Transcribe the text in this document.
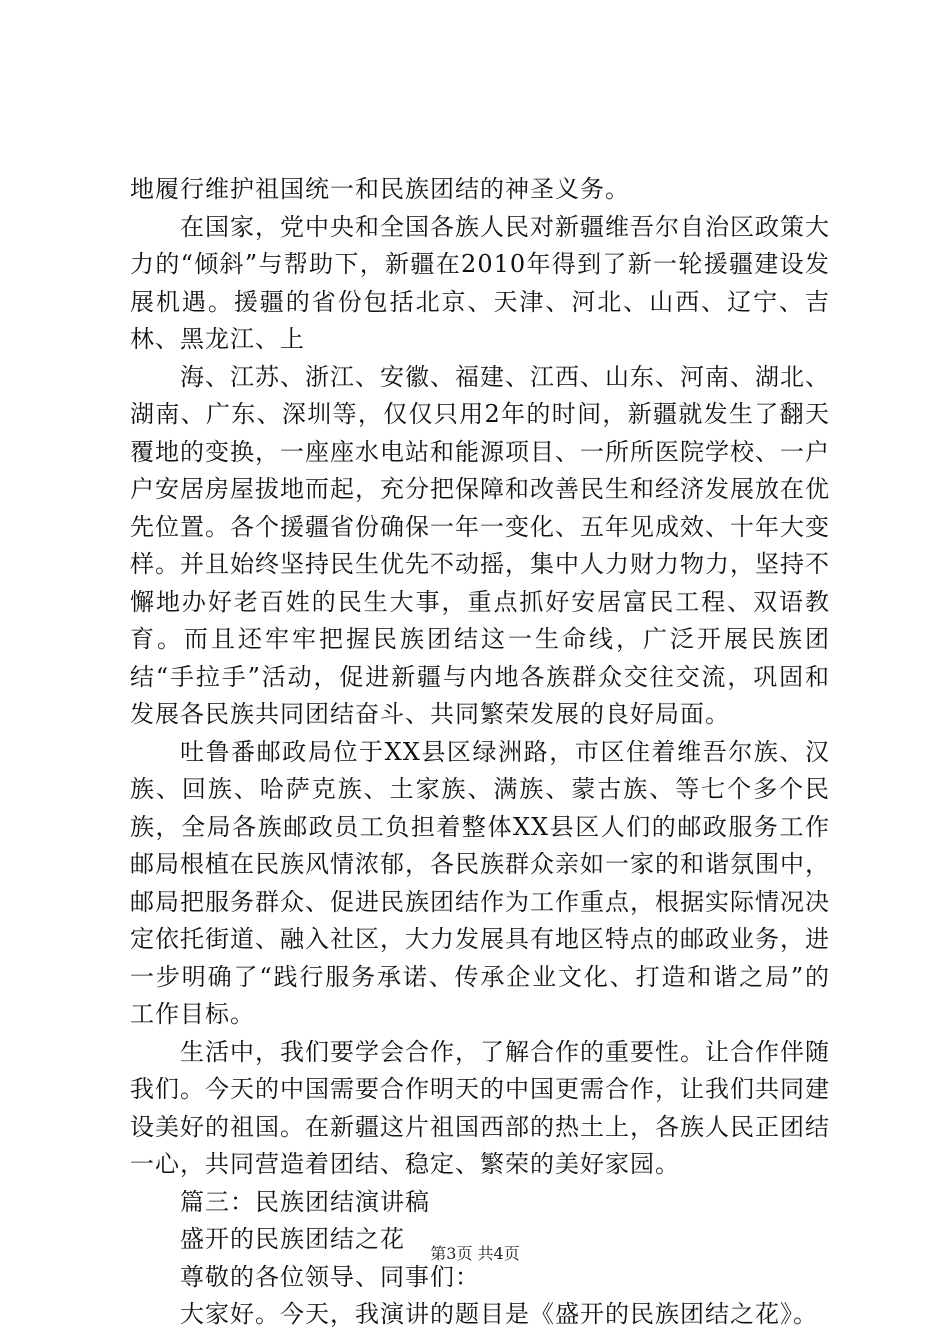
地履行维护祖国统一和民族团结的神圣义务。

在国家，党中央和全国各族人民对新疆维吾尔自治区政策大力的“倾斜”与帮助下，新疆在2010年得到了新一轮援疆建设发展机遇。援疆的省份包括北京、天津、河北、山西、辽宁、吉林、黑龙江、上

海、江苏、浙江、安徽、福建、江西、山东、河南、湖北、湖南、广东、深圳等，仅仅只用2年的时间，新疆就发生了翻天覆地的变换，一座座水电站和能源项目、一所所医院学校、一户户安居房屋拔地而起，充分把保障和改善民生和经济发展放在优先位置。各个援疆省份确保一年一变化、五年见成效、十年大变样。并且始终坚持民生优先不动摇，集中人力财力物力，坚持不懈地办好老百姓的民生大事，重点抓好安居富民工程、双语教育。而且还牢牢把握民族团结这一生命线，广泛开展民族团结“手拉手”活动，促进新疆与内地各族群众交往交流，巩固和发展各民族共同团结奋斗、共同繁荣发展的良好局面。

吐鲁番邮政局位于XX县区绿洲路，市区住着维吾尔族、汉族、回族、哈萨克族、土家族、满族、蒙古族、等七个多个民族，全局各族邮政员工负担着整体XX县区人们的邮政服务工作邮局根植在民族风情浓郁，各民族群众亲如一家的和谐氛围中，邮局把服务群众、促进民族团结作为工作重点，根据实际情况决定依托街道、融入社区，大力发展具有地区特点的邮政业务，进一步明确了“践行服务承诺、传承企业文化、打造和谐之局”的工作目标。

生活中，我们要学会合作，了解合作的重要性。让合作伴随我们。今天的中国需要合作明天的中国更需合作，让我们共同建设美好的祖国。在新疆这片祖国西部的热土上，各族人民正团结一心，共同营造着团结、稳定、繁荣的美好家园。

篇三：民族团结演讲稿

盛开的民族团结之花

尊敬的各位领导、同事们：

大家好。今天，我演讲的题目是《盛开的民族团结之花》。

第3页 共4页
